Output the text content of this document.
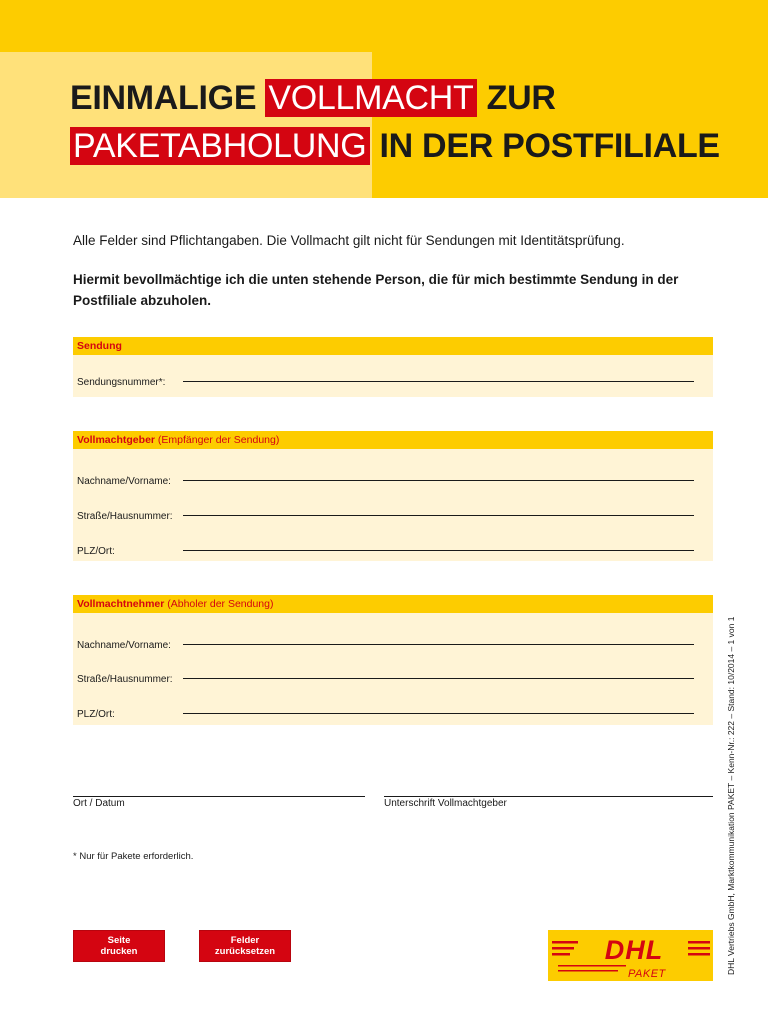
EINMALIGE VOLLMACHT ZUR
PAKETABHOLUNG IN DER POSTFILIALE
Alle Felder sind Pflichtangaben. Die Vollmacht gilt nicht für Sendungen mit Identitätsprüfung.
Hiermit bevollmächtige ich die unten stehende Person, die für mich bestimmte Sendung in der Postfiliale abzuholen.
Sendung
Sendungsnummer*:
Vollmachtgeber (Empfänger der Sendung)
Nachname/Vorname:
Straße/Hausnummer:
PLZ/Ort:
Vollmachtnehmer (Abholer der Sendung)
Nachname/Vorname:
Straße/Hausnummer:
PLZ/Ort:
Ort / Datum	Unterschrift Vollmachtgeber
* Nur für Pakete erforderlich.
Seite
drucken
Felder
zurücksetzen	DHL
PAKET	DHL Vertriebs GmbH, Marktkommunikation PAKET – Kenn-Nr.: 222 – Stand: 10/2014 – 1 von 1
